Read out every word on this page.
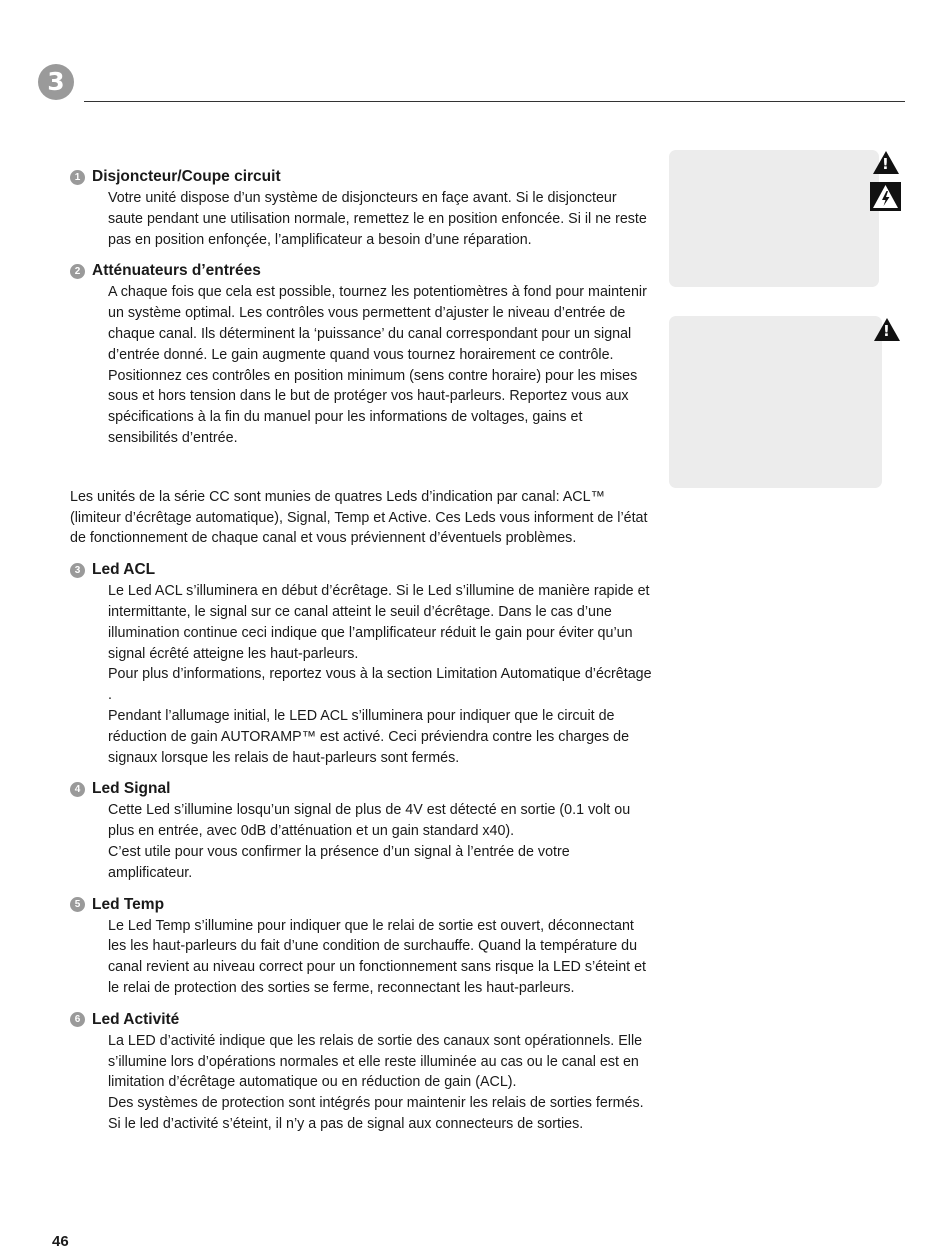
3
!
!
1 Disjoncteur/Coupe circuit

Votre unité dispose d’un système de disjoncteurs en façe avant. Si le disjoncteur saute pendant une utilisation normale, remettez le en position enfoncée. Si il ne reste pas en position enfonçée, l’amplificateur a besoin d’une réparation.

2 Atténuateurs d’entrées

A chaque fois que cela est possible, tournez les potentiomètres à fond pour maintenir un système optimal. Les contrôles vous permettent d’ajuster le niveau d’entrée de chaque canal. Ils déterminent la ‘puissance’ du canal correspondant pour un signal d’entrée donné. Le gain augmente quand vous tournez horairement ce contrôle. Positionnez ces contrôles en position minimum (sens contre horaire) pour les mises sous et hors tension dans le but de protéger vos haut-parleurs. Reportez vous aux spécifications à la fin du manuel pour les informations de voltages, gains et sensibilités d’entrée.

Les unités de la série CC sont munies de quatres Leds d’indication par canal: ACL™ (limiteur d’écrêtage automatique), Signal, Temp et Active. Ces Leds vous informent de l’état de fonctionnement de chaque canal et vous préviennent d’éventuels problèmes.

3 Led ACL

Le Led ACL s’illuminera en début d’écrêtage. Si le Led s’illumine de manière rapide et intermittante, le signal sur ce canal atteint le seuil d’écrêtage. Dans le cas d’une illumination continue ceci indique que l’amplificateur réduit le gain pour éviter qu’un signal écrêté atteigne les haut-parleurs.

Pour plus d’informations, reportez vous à la section Limitation Automatique d’écrêtage .

Pendant l’allumage initial, le LED ACL s’illuminera pour indiquer que le circuit de réduction de gain AUTORAMP™ est activé. Ceci préviendra contre les charges de signaux lorsque les relais de haut-parleurs sont fermés.

4 Led Signal

Cette Led s’illumine losqu’un signal de plus de 4V est détecté en sortie (0.1 volt ou plus en entrée, avec 0dB d’atténuation et un gain standard x40).

C’est utile pour vous confirmer la présence d’un signal à l’entrée de votre amplificateur.

5 Led Temp

Le Led Temp s’illumine pour indiquer que le relai de sortie est ouvert, déconnectant les les haut-parleurs du fait d’une condition de surchauffe. Quand la température du canal revient au niveau correct pour un fonctionnement sans risque la LED s’éteint et le relai de protection des sorties se ferme, reconnectant les haut-parleurs.

6 Led Activité

La LED d’activité indique que les relais de sortie des canaux sont opérationnels. Elle s’illumine lors d’opérations normales et elle reste illuminée au cas ou le canal est en limitation d’écrêtage automatique ou en réduction de gain (ACL).

Des systèmes de protection sont intégrés pour maintenir les relais de sorties fermés.

Si le led d’activité s’éteint, il n’y a pas de signal aux connecteurs de sorties.

46
